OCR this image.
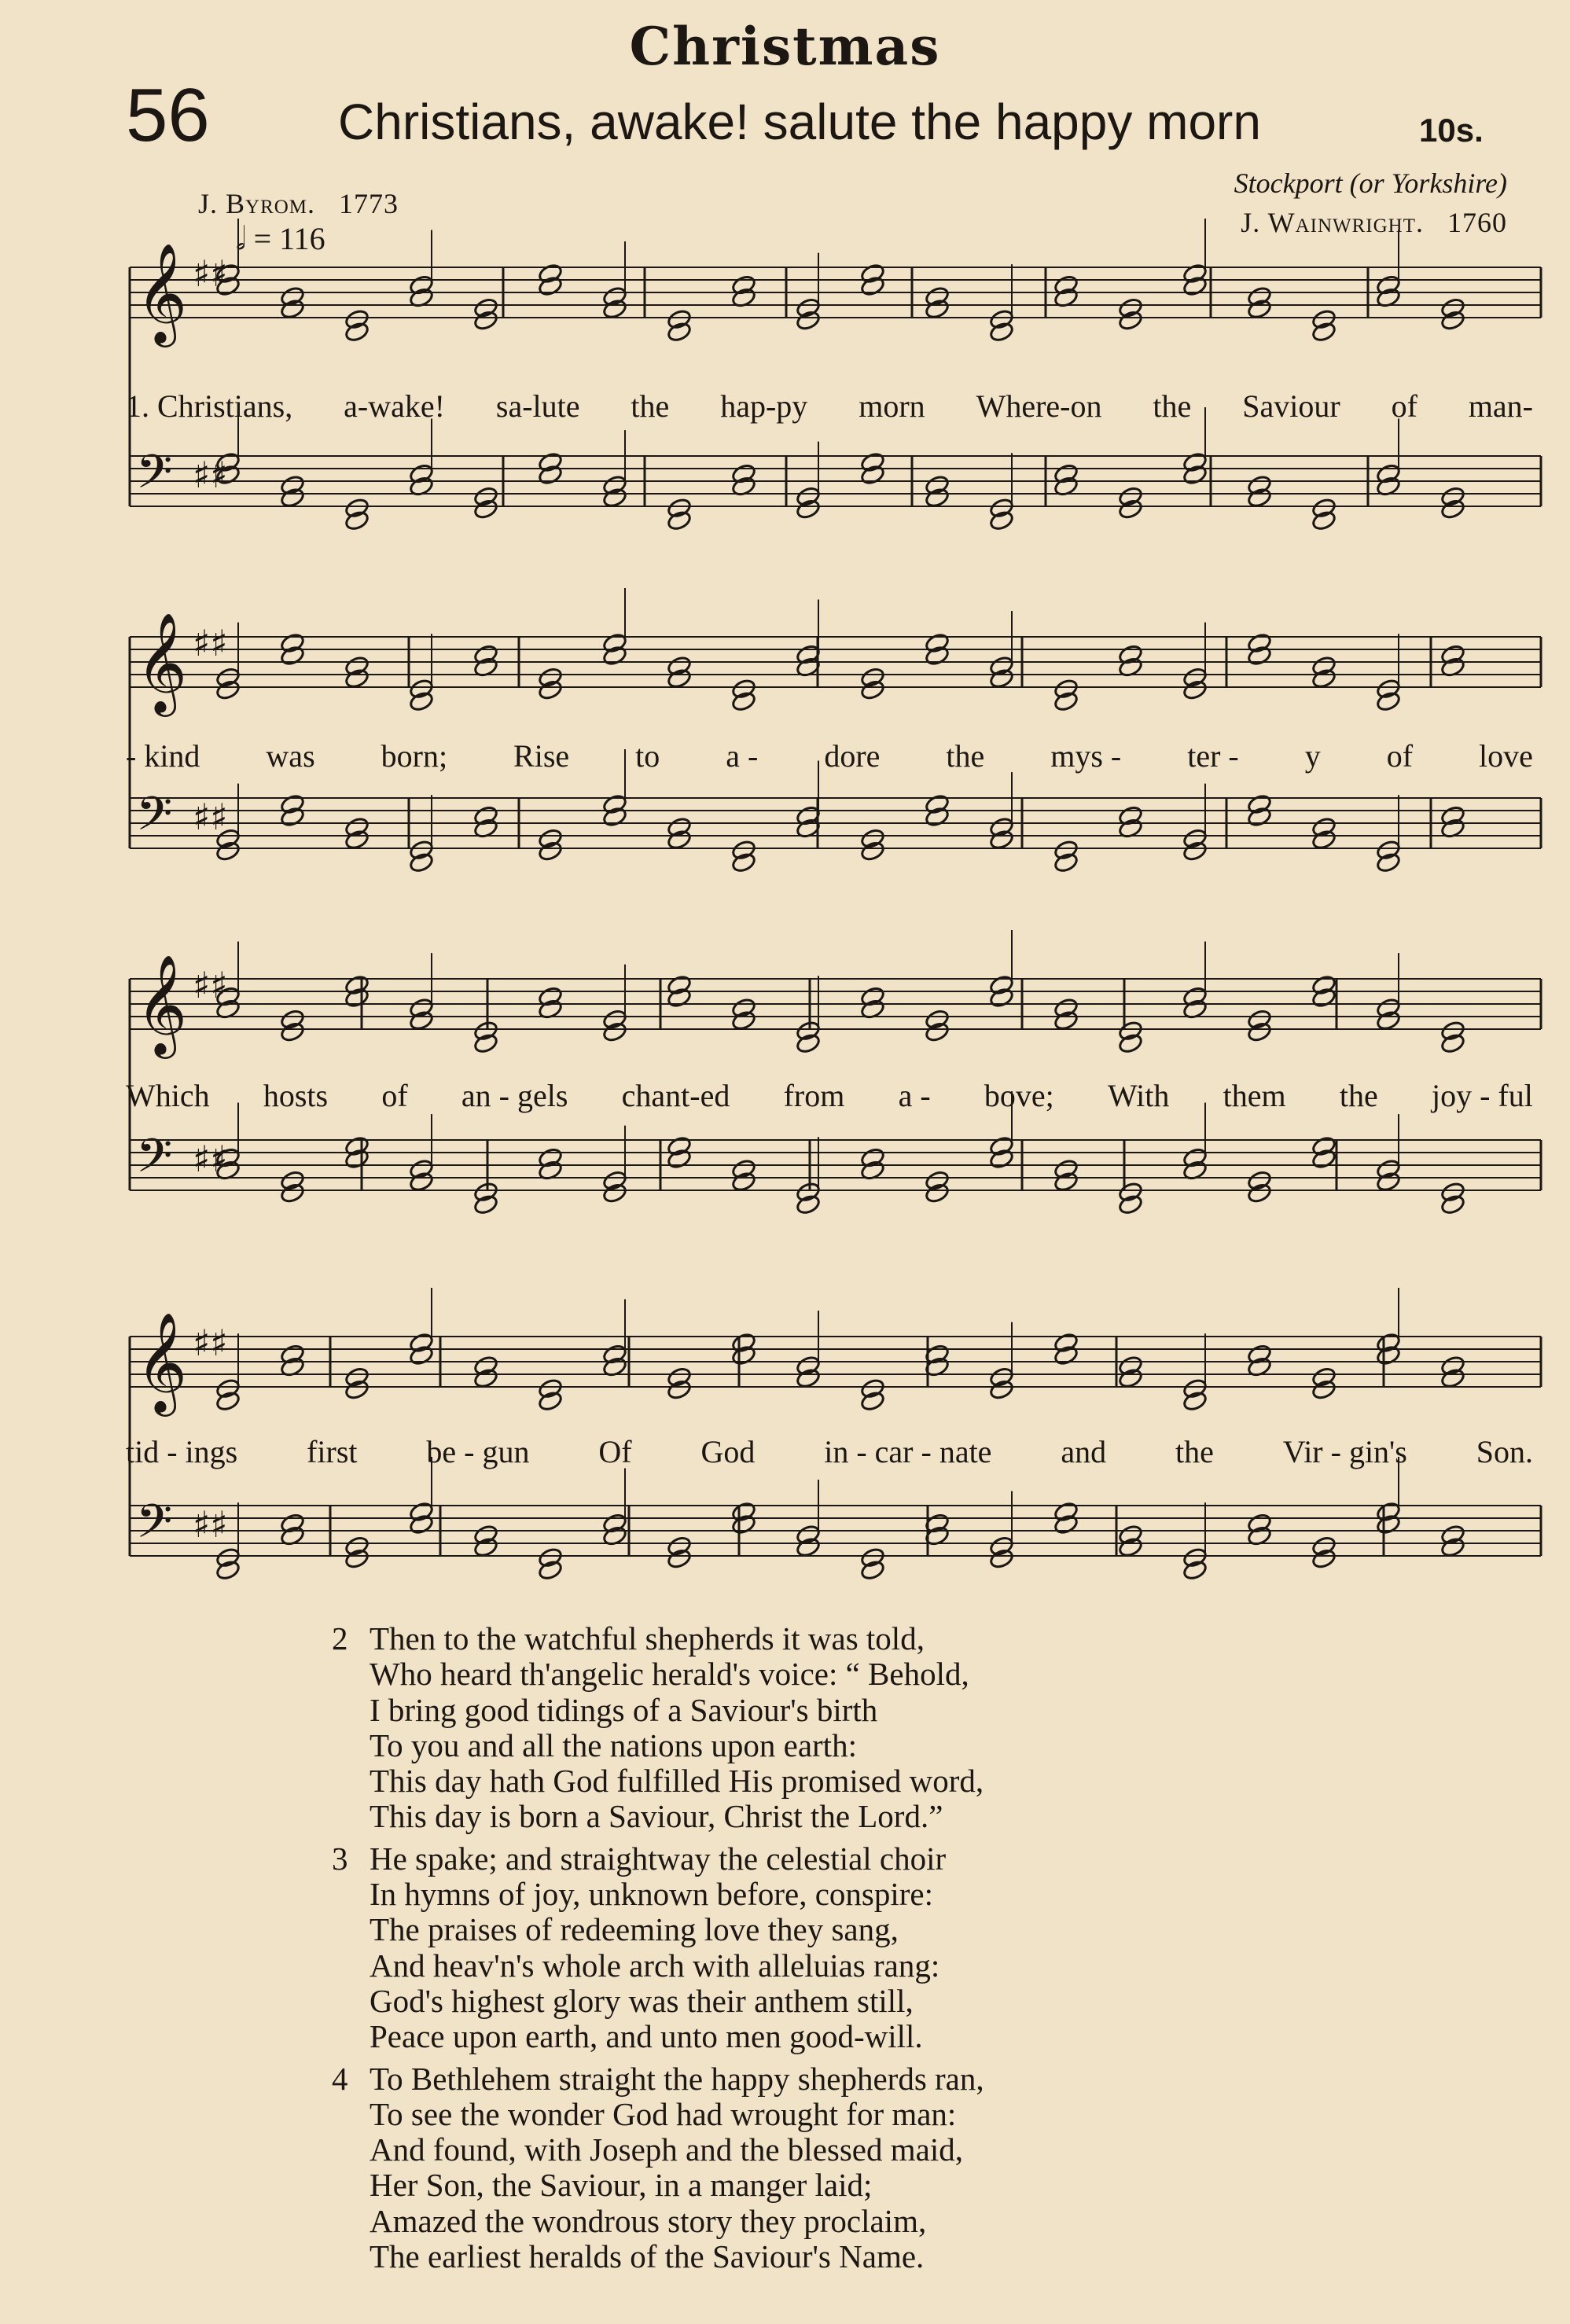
Christmas
56	Christians, awake! salute the happy morn	10s.
J. Byrom. 1773
Stockport (or Yorkshire)
J. Wainwright. 1760
𝅗𝅥 = 116
𝄞 ♯♯
𝄢 ♯♯
𝄞 ♯♯
𝄢 ♯♯
𝄞 ♯♯
𝄢 ♯♯
𝄞 ♯♯
𝄢 ♯♯
1. Christians, a-wake! sa-lute the hap-py morn Where-on the Saviour of man-
- kind was born; Rise to a - dore the mys - ter - y of love
Which hosts of an - gels chant-ed from a - bove; With them the joy - ful
tid - ings first be - gun Of God in - car - nate and the Vir - gin's Son.
2 Then to the watchful shepherds it was told,
Who heard th'angelic herald's voice: “ Behold,
I bring good tidings of a Saviour's birth
To you and all the nations upon earth:
This day hath God fulfilled His promised word,
This day is born a Saviour, Christ the Lord.”
3 He spake; and straightway the celestial choir
In hymns of joy, unknown before, conspire:
The praises of redeeming love they sang,
And heav'n's whole arch with alleluias rang:
God's highest glory was their anthem still,
Peace upon earth, and unto men good-will.
4 To Bethlehem straight the happy shepherds ran,
To see the wonder God had wrought for man:
And found, with Joseph and the blessed maid,
Her Son, the Saviour, in a manger laid;
Amazed the wondrous story they proclaim,
The earliest heralds of the Saviour's Name.
